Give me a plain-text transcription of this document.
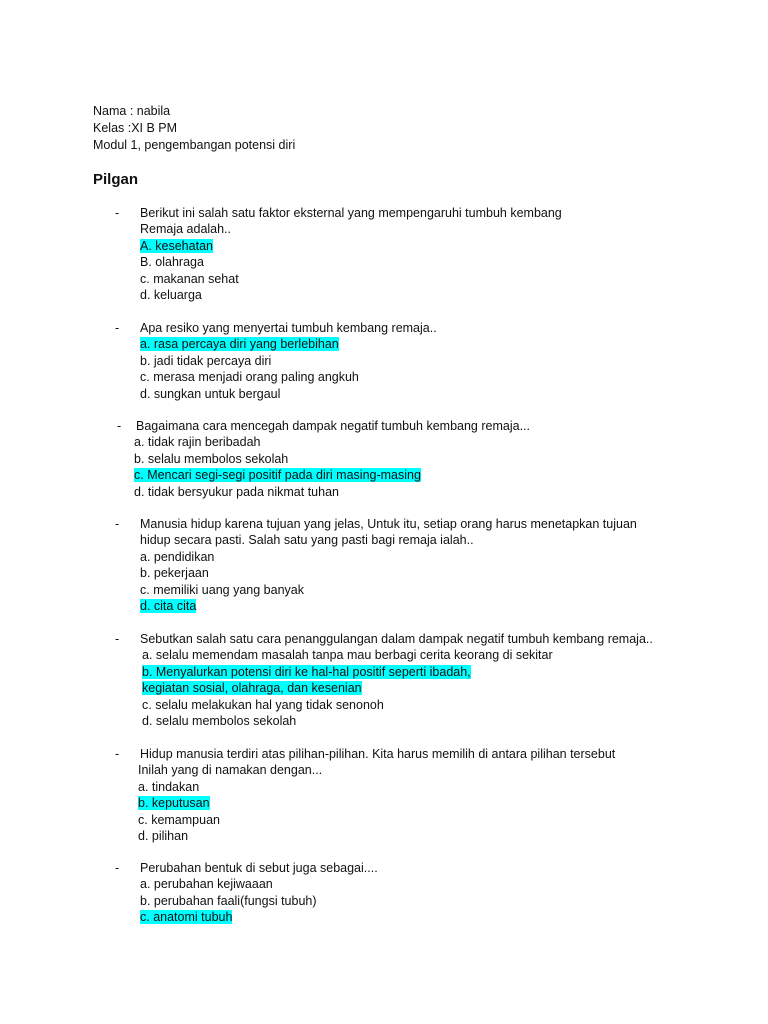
Nama : nabila
Kelas :XI B PM
Modul 1, pengembangan potensi diri
Pilgan
- Berikut ini salah satu faktor eksternal yang mempengaruhi tumbuh kembang
Remaja adalah..
A. kesehatan
B. olahraga
c. makanan sehat
d. keluarga
- Apa resiko yang menyertai tumbuh kembang remaja..
a. rasa percaya diri yang berlebihan
b. jadi tidak percaya diri
c. merasa menjadi orang paling angkuh
d. sungkan untuk bergaul
- Bagaimana cara mencegah dampak negatif tumbuh kembang remaja...
a. tidak rajin beribadah
b. selalu membolos sekolah
c. Mencari segi-segi positif pada diri masing-masing
d. tidak bersyukur pada nikmat tuhan
- Manusia hidup karena tujuan yang jelas, Untuk itu, setiap orang harus menetapkan tujuan
hidup secara pasti. Salah satu yang pasti bagi remaja ialah..
a. pendidikan
b. pekerjaan
c. memiliki uang yang banyak
d. cita cita
- Sebutkan salah satu cara penanggulangan dalam dampak negatif tumbuh kembang remaja..
a. selalu memendam masalah tanpa mau berbagi cerita keorang di sekitar
b. Menyalurkan potensi diri ke hal-hal positif seperti ibadah,
kegiatan sosial, olahraga, dan kesenian
c. selalu melakukan hal yang tidak senonoh
d. selalu membolos sekolah
- Hidup manusia terdiri atas pilihan-pilihan. Kita harus memilih di antara pilihan tersebut
Inilah yang di namakan dengan...
a. tindakan
b. keputusan
c. kemampuan
d. pilihan
- Perubahan bentuk di sebut juga sebagai....
a. perubahan kejiwaaan
b. perubahan faali(fungsi tubuh)
c. anatomi tubuh
